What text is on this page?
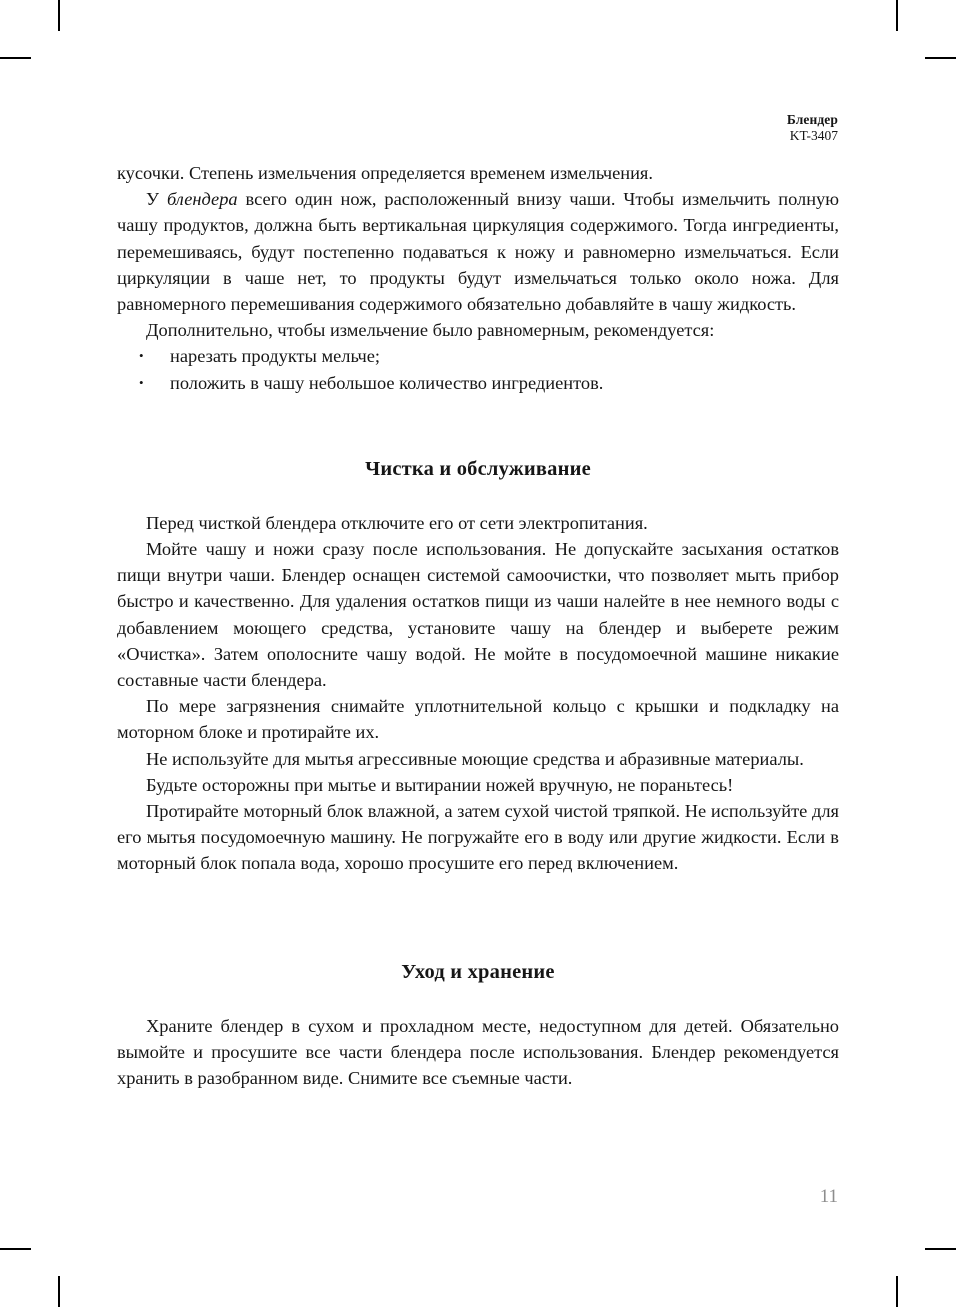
Блендер
KT-3407

кусочки. Степень измельчения определяется временем измельчения.

У блендера всего один нож, расположенный внизу чаши. Чтобы измельчить полную чашу продуктов, должна быть вертикальная циркуляция содержимого. Тогда ингредиенты, перемешиваясь, будут постепенно подаваться к ножу и равномерно измельчаться. Если циркуляции в чаше нет, то продукты будут измельчаться только около ножа. Для равномерного перемешивания содержимого обязательно добавляйте в чашу жидкость.

Дополнительно, чтобы измельчение было равномерным, рекомендуется:

• нарезать продукты мельче;
• положить в чашу небольшое количество ингредиентов.
Чистка и обслуживание

Перед чисткой блендера отключите его от сети электропитания.

Мойте чашу и ножи сразу после использования. Не допускайте засыхания остатков пищи внутри чаши. Блендер оснащен системой самоочистки, что позволяет мыть прибор быстро и качественно. Для удаления остатков пищи из чаши налейте в нее немного воды с добавлением моющего средства, установите чашу на блендер и выберете режим «Очистка». Затем ополосните чашу водой. Не мойте в посудомоечной машине никакие составные части блендера.

По мере загрязнения снимайте уплотнительной кольцо с крышки и подкладку на моторном блоке и протирайте их.

Не используйте для мытья агрессивные моющие средства и абразивные материалы.

Будьте осторожны при мытье и вытирании ножей вручную, не пораньтесь!

Протирайте моторный блок влажной, а затем сухой чистой тряпкой. Не используйте для его мытья посудомоечную машину. Не погружайте его в воду или другие жидкости. Если в моторный блок попала вода, хорошо просушите его перед включением.

Уход и хранение

Храните блендер в сухом и прохладном месте, недоступном для детей. Обязательно вымойте и просушите все части блендера после использования. Блендер рекомендуется хранить в разобранном виде. Снимите все съемные части.

11
